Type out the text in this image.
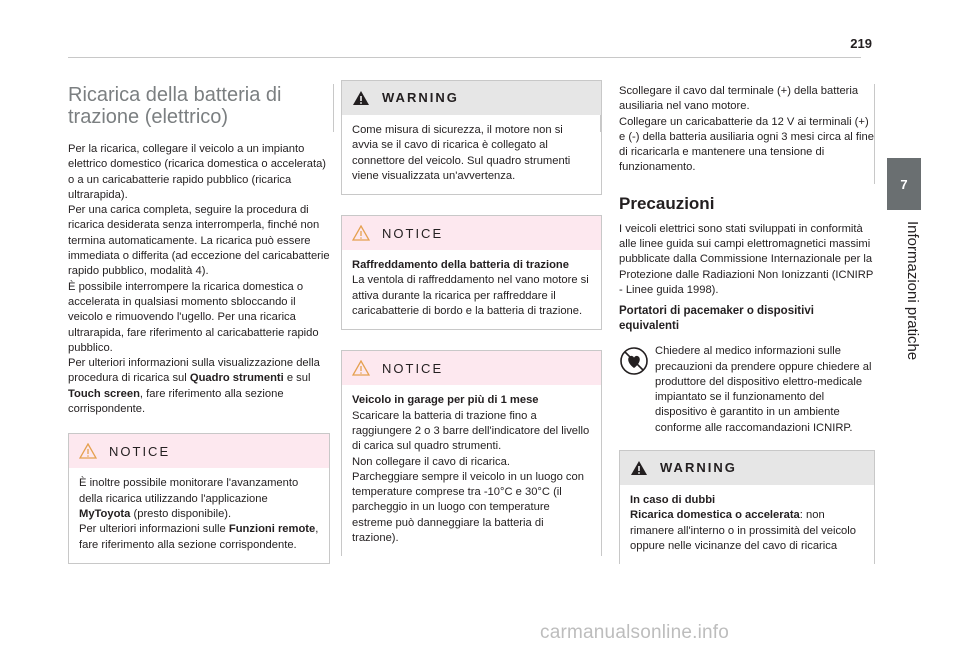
219
7
Informazioni pratiche
Ricarica della batteria di trazione (elettrico)

Per la ricarica, collegare il veicolo a un impianto elettrico domestico (ricarica domestica o accelerata) o a un caricabatterie rapido pubblico (ricarica ultrarapida).

Per una carica completa, seguire la procedura di ricarica desiderata senza interromperla, finché non termina automaticamente. La ricarica può essere immediata o differita (ad eccezione del caricabatterie rapido pubblico, modalità 4).

È possibile interrompere la ricarica domestica o accelerata in qualsiasi momento sbloccando il veicolo e rimuovendo l'ugello. Per una ricarica ultrarapida, fare riferimento al caricabatterie rapido pubblico.

Per ulteriori informazioni sulla visualizzazione della procedura di ricarica sul Quadro strumenti e sul Touch screen, fare riferimento alla sezione corrispondente.

NOTICE

È inoltre possibile monitorare l'avanzamento della ricarica utilizzando l'applicazione MyToyota (presto disponibile).

Per ulteriori informazioni sulle Funzioni remote, fare riferimento alla sezione corrispondente.

WARNING

Come misura di sicurezza, il motore non si avvia se il cavo di ricarica è collegato al connettore del veicolo. Sul quadro strumenti viene visualizzata un'avvertenza.

NOTICE

Raffreddamento della batteria di trazione

La ventola di raffreddamento nel vano motore si attiva durante la ricarica per raffreddare il caricabatterie di bordo e la batteria di trazione.

NOTICE

Veicolo in garage per più di 1 mese

Scaricare la batteria di trazione fino a raggiungere 2 o 3 barre dell'indicatore del livello di carica sul quadro strumenti.

Non collegare il cavo di ricarica.

Parcheggiare sempre il veicolo in un luogo con temperature comprese tra -10°C e 30°C (il parcheggio in un luogo con temperature estreme può danneggiare la batteria di trazione).

Scollegare il cavo dal terminale (+) della batteria ausiliaria nel vano motore.

Collegare un caricabatterie da 12 V ai terminali (+) e (-) della batteria ausiliaria ogni 3 mesi circa al fine di ricaricarla e mantenere una tensione di funzionamento.

Precauzioni

I veicoli elettrici sono stati sviluppati in conformità alle linee guida sui campi elettromagnetici massimi pubblicate dalla Commissione Internazionale per la Protezione dalle Radiazioni Non Ionizzanti (ICNIRP - Linee guida 1998).

Portatori di pacemaker o dispositivi equivalenti

Chiedere al medico informazioni sulle precauzioni da prendere oppure chiedere al produttore del dispositivo elettro-medicale impiantato se il funzionamento del dispositivo è garantito in un ambiente conforme alle raccomandazioni ICNIRP.

WARNING

In caso di dubbi

Ricarica domestica o accelerata: non rimanere all'interno o in prossimità del veicolo oppure nelle vicinanze del cavo di ricarica

carmanualsonline.info
